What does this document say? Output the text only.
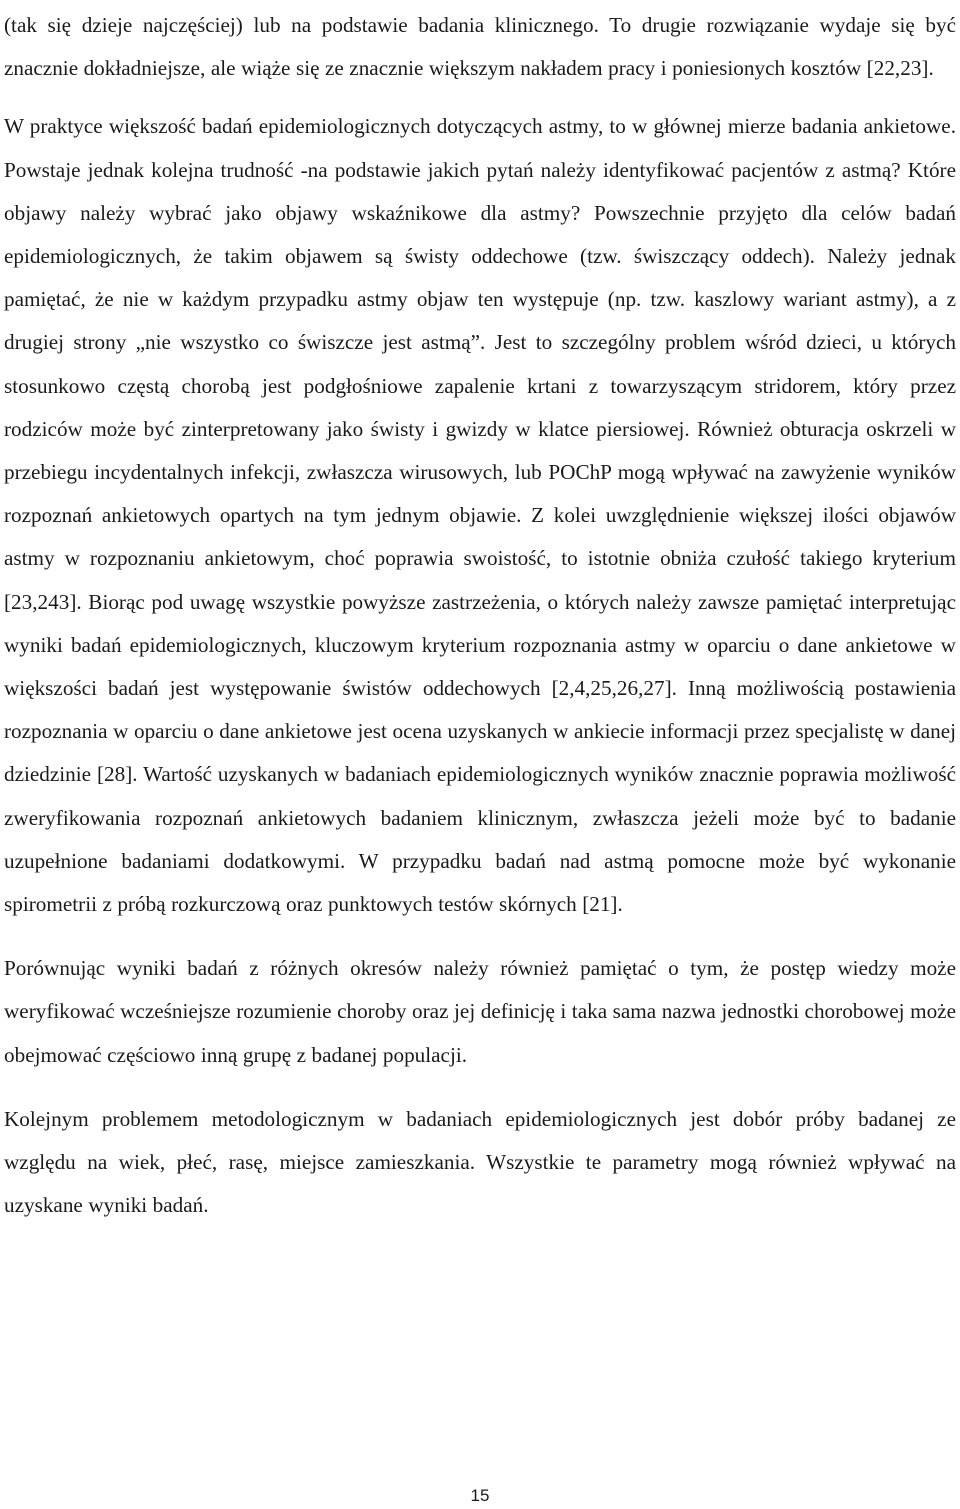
(tak się dzieje najczęściej) lub na podstawie badania klinicznego. To drugie rozwiązanie wydaje się być znacznie dokładniejsze, ale wiąże się ze znacznie większym nakładem pracy i poniesionych kosztów [22,23].

W praktyce większość badań epidemiologicznych dotyczących astmy, to w głównej mierze badania ankietowe. Powstaje jednak kolejna trudność -na podstawie jakich pytań należy identyfikować pacjentów z astmą? Które objawy należy wybrać jako objawy wskaźnikowe dla astmy? Powszechnie przyjęto dla celów badań epidemiologicznych, że takim objawem są świsty oddechowe (tzw. świszczący oddech). Należy jednak pamiętać, że nie w każdym przypadku astmy objaw ten występuje (np. tzw. kaszlowy wariant astmy), a z drugiej strony „nie wszystko co świszcze jest astmą”. Jest to szczególny problem wśród dzieci, u których stosunkowo częstą chorobą jest podgłośniowe zapalenie krtani z towarzyszącym stridorem, który przez rodziców może być zinterpretowany jako świsty i gwizdy w klatce piersiowej. Również obturacja oskrzeli w przebiegu incydentalnych infekcji, zwłaszcza wirusowych, lub POChP mogą wpływać na zawyżenie wyników rozpoznań ankietowych opartych na tym jednym objawie. Z kolei uwzględnienie większej ilości objawów astmy w rozpoznaniu ankietowym, choć poprawia swoistość, to istotnie obniża czułość takiego kryterium [23,243]. Biorąc pod uwagę wszystkie powyższe zastrzeżenia, o których należy zawsze pamiętać interpretując wyniki badań epidemiologicznych, kluczowym kryterium rozpoznania astmy w oparciu o dane ankietowe w większości badań jest występowanie świstów oddechowych [2,4,25,26,27]. Inną możliwością postawienia rozpoznania w oparciu o dane ankietowe jest ocena uzyskanych w ankiecie informacji przez specjalistę w danej dziedzinie [28]. Wartość uzyskanych w badaniach epidemiologicznych wyników znacznie poprawia możliwość zweryfikowania rozpoznań ankietowych badaniem klinicznym, zwłaszcza jeżeli może być to badanie uzupełnione badaniami dodatkowymi. W przypadku badań nad astmą pomocne może być wykonanie spirometrii z próbą rozkurczową oraz punktowych testów skórnych [21].

Porównując wyniki badań z różnych okresów należy również pamiętać o tym, że postęp wiedzy może weryfikować wcześniejsze rozumienie choroby oraz jej definicję i taka sama nazwa jednostki chorobowej może obejmować częściowo inną grupę z badanej populacji.

Kolejnym problemem metodologicznym w badaniach epidemiologicznych jest dobór próby badanej ze względu na wiek, płeć, rasę, miejsce zamieszkania. Wszystkie te parametry mogą również wpływać na uzyskane wyniki badań.

15
